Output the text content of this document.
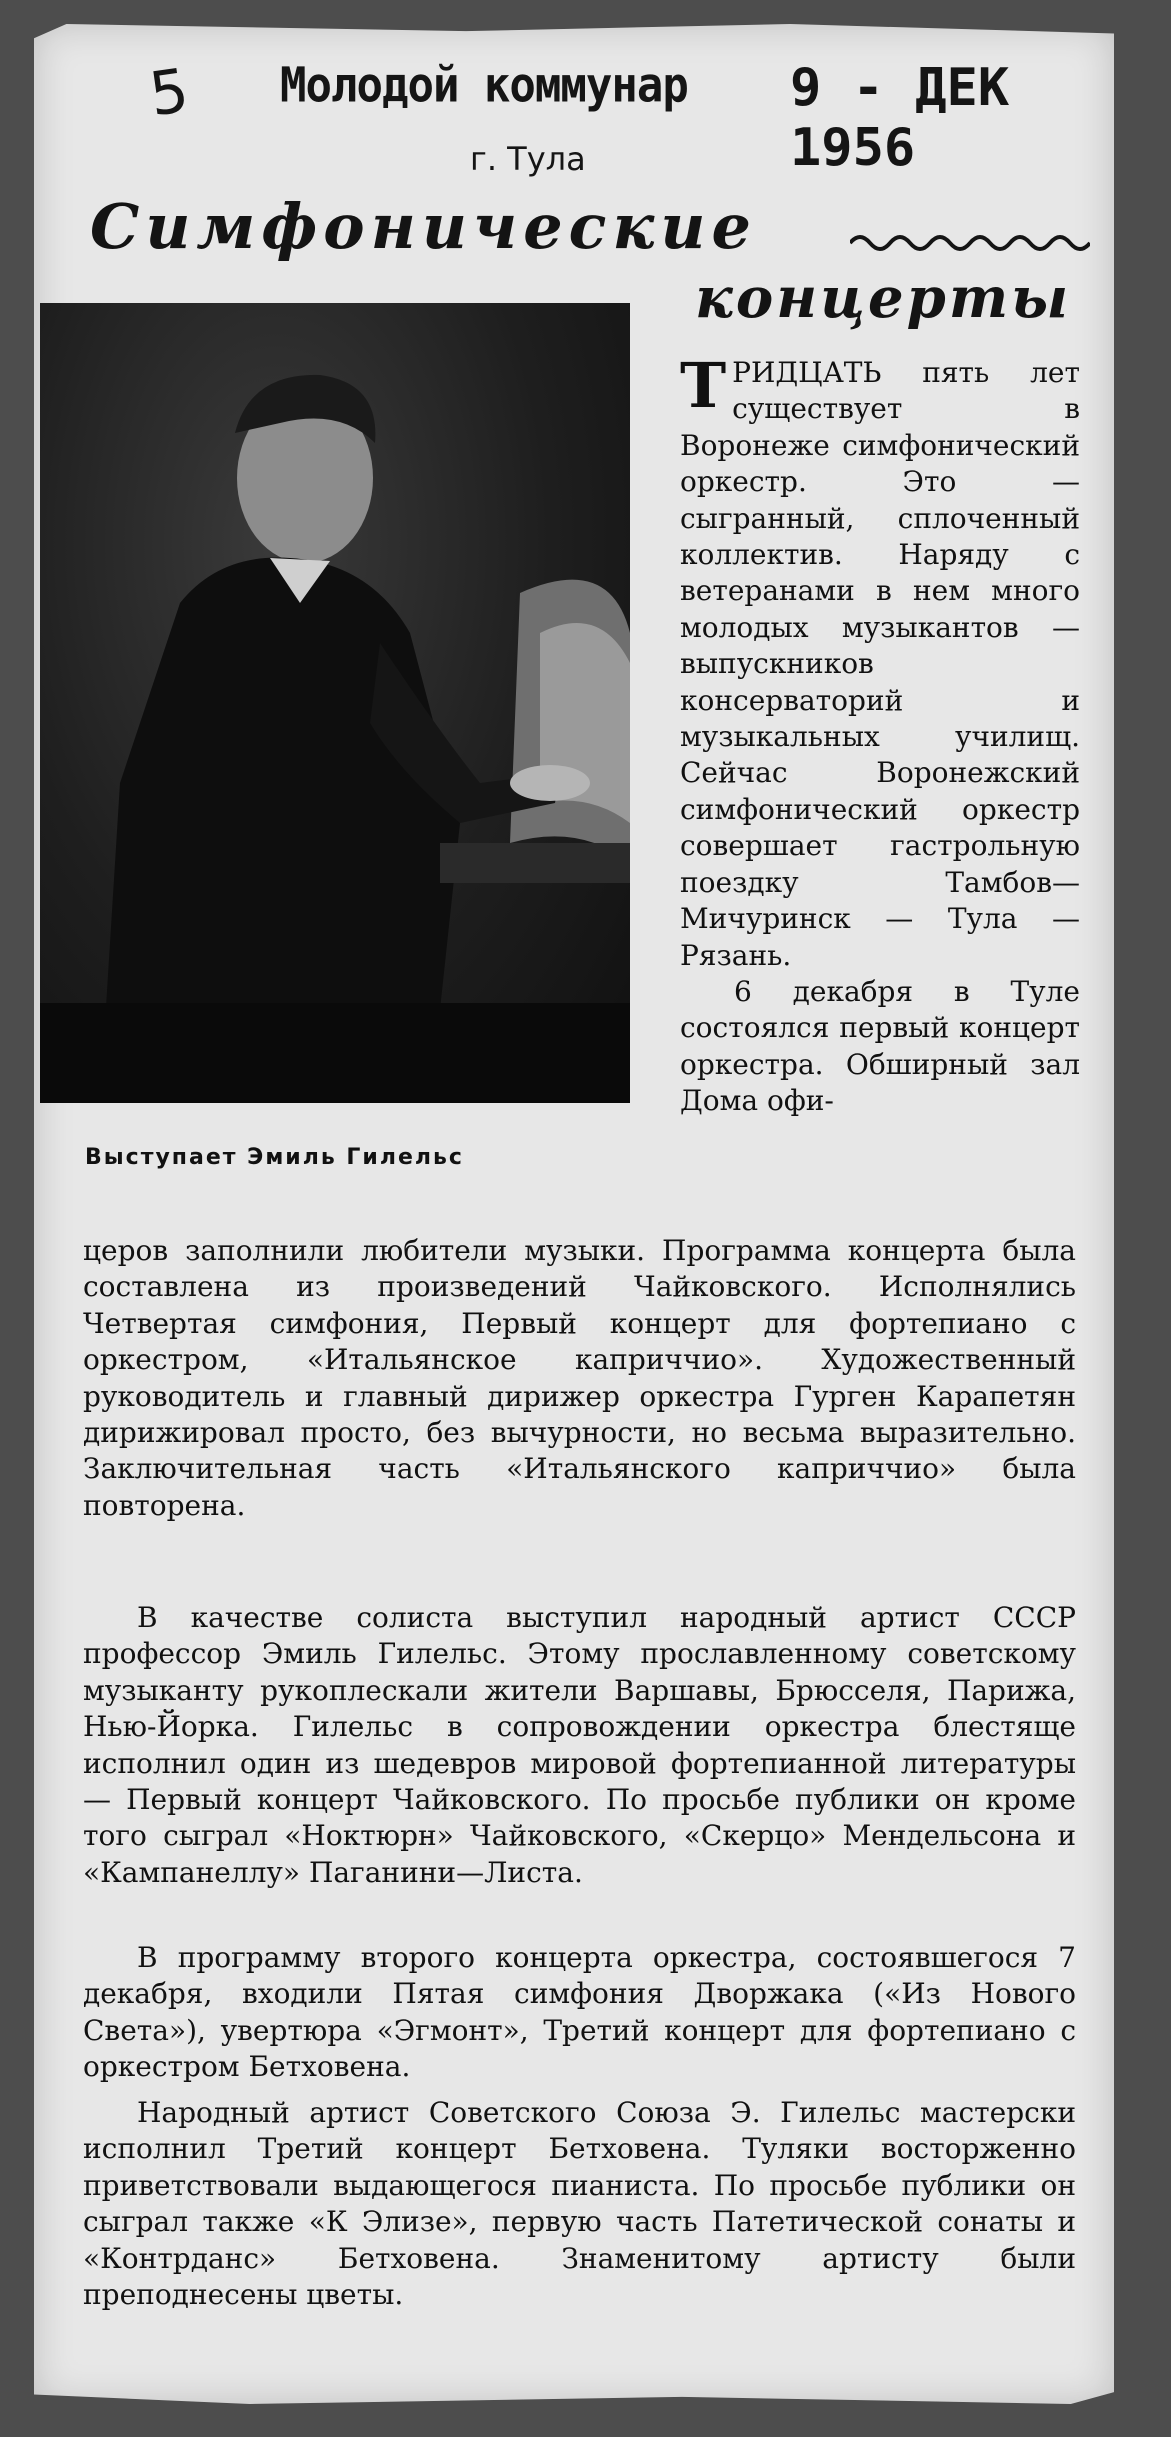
5 Молодой коммунар 9 - ДЕК 1956
г. Тула
Симфонические
концерты
Выступает Эмиль Гилельс

ТРИДЦАТЬ пять лет существует в Воронеже симфонический оркестр. Это — сыгранный, сплоченный коллектив. Наряду с ветеранами в нем много молодых музыкантов — выпускников консерваторий и музыкальных училищ. Сейчас Воронежский симфонический оркестр совершает гастрольную поездку Тамбов—Мичуринск — Тула — Рязань.

6 декабря в Туле состоялся первый концерт оркестра. Обширный зал Дома офи-

церов заполнили любители музыки. Программа концерта была составлена из произведений Чайковского. Исполнялись Четвертая симфония, Первый концерт для фортепиано с оркестром, «Итальянское каприччио». Художественный руководитель и главный дирижер оркестра Гурген Карапетян дирижировал просто, без вычурности, но весьма выразительно. Заключительная часть «Итальянского каприччио» была повторена.

В качестве солиста выступил народный артист СССР профессор Эмиль Гилельс. Этому прославленному советскому музыканту рукоплескали жители Варшавы, Брюсселя, Парижа, Нью-Йорка. Гилельс в сопровождении оркестра блестяще исполнил один из шедевров мировой фортепианной литературы — Первый концерт Чайковского. По просьбе публики он кроме того сыграл «Ноктюрн» Чайковского, «Скерцо» Мендельсона и «Кампанеллу» Паганини—Листа.

В программу второго концерта оркестра, состоявшегося 7 декабря, входили Пятая симфония Дворжака («Из Нового Света»), увертюра «Эгмонт», Третий концерт для фортепиано с оркестром Бетховена.

Народный артист Советского Союза Э. Гилельс мастерски исполнил Третий концерт Бетховена. Туляки восторженно приветствовали выдающегося пианиста. По просьбе публики он сыграл также «К Элизе», первую часть Патетической сонаты и «Контрданс» Бетховена. Знаменитому артисту были преподнесены цветы.
